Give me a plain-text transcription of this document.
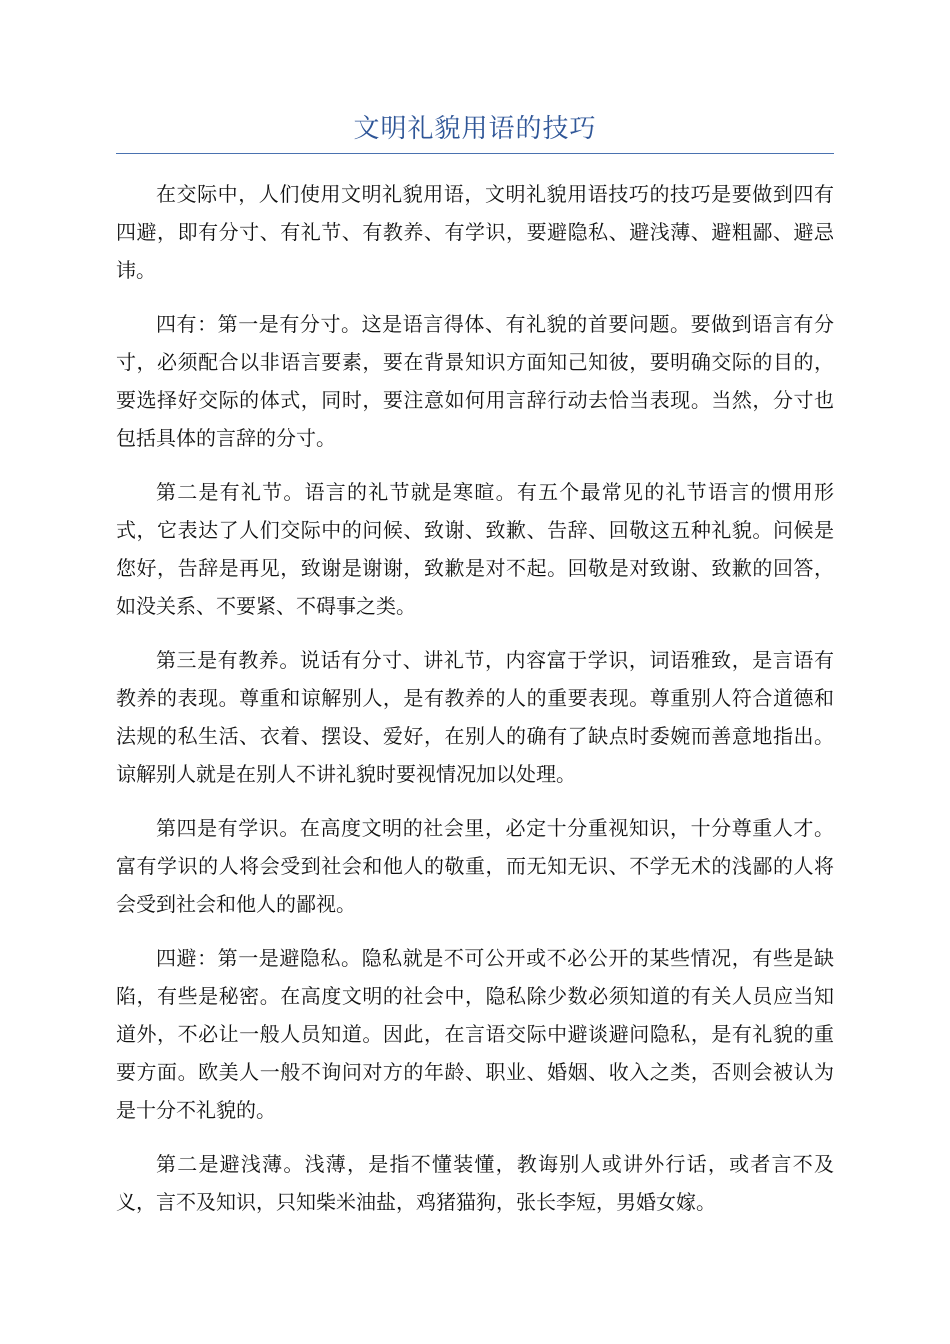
文明礼貌用语的技巧

在交际中，人们使用文明礼貌用语，文明礼貌用语技巧的技巧是要做到四有四避，即有分寸、有礼节、有教养、有学识，要避隐私、避浅薄、避粗鄙、避忌讳。

四有：第一是有分寸。这是语言得体、有礼貌的首要问题。要做到语言有分寸，必须配合以非语言要素，要在背景知识方面知己知彼，要明确交际的目的，要选择好交际的体式，同时，要注意如何用言辞行动去恰当表现。当然，分寸也包括具体的言辞的分寸。

第二是有礼节。语言的礼节就是寒暄。有五个最常见的礼节语言的惯用形式，它表达了人们交际中的问候、致谢、致歉、告辞、回敬这五种礼貌。问候是您好，告辞是再见，致谢是谢谢，致歉是对不起。回敬是对致谢、致歉的回答，如没关系、不要紧、不碍事之类。

第三是有教养。说话有分寸、讲礼节，内容富于学识，词语雅致，是言语有教养的表现。尊重和谅解别人，是有教养的人的重要表现。尊重别人符合道德和法规的私生活、衣着、摆设、爱好，在别人的确有了缺点时委婉而善意地指出。谅解别人就是在别人不讲礼貌时要视情况加以处理。

第四是有学识。在高度文明的社会里，必定十分重视知识，十分尊重人才。富有学识的人将会受到社会和他人的敬重，而无知无识、不学无术的浅鄙的人将会受到社会和他人的鄙视。

四避：第一是避隐私。隐私就是不可公开或不必公开的某些情况，有些是缺陷，有些是秘密。在高度文明的社会中，隐私除少数必须知道的有关人员应当知道外，不必让一般人员知道。因此，在言语交际中避谈避问隐私，是有礼貌的重要方面。欧美人一般不询问对方的年龄、职业、婚姻、收入之类，否则会被认为是十分不礼貌的。

第二是避浅薄。浅薄，是指不懂装懂，教诲别人或讲外行话，或者言不及义，言不及知识，只知柴米油盐，鸡猪猫狗，张长李短，男婚女嫁。
